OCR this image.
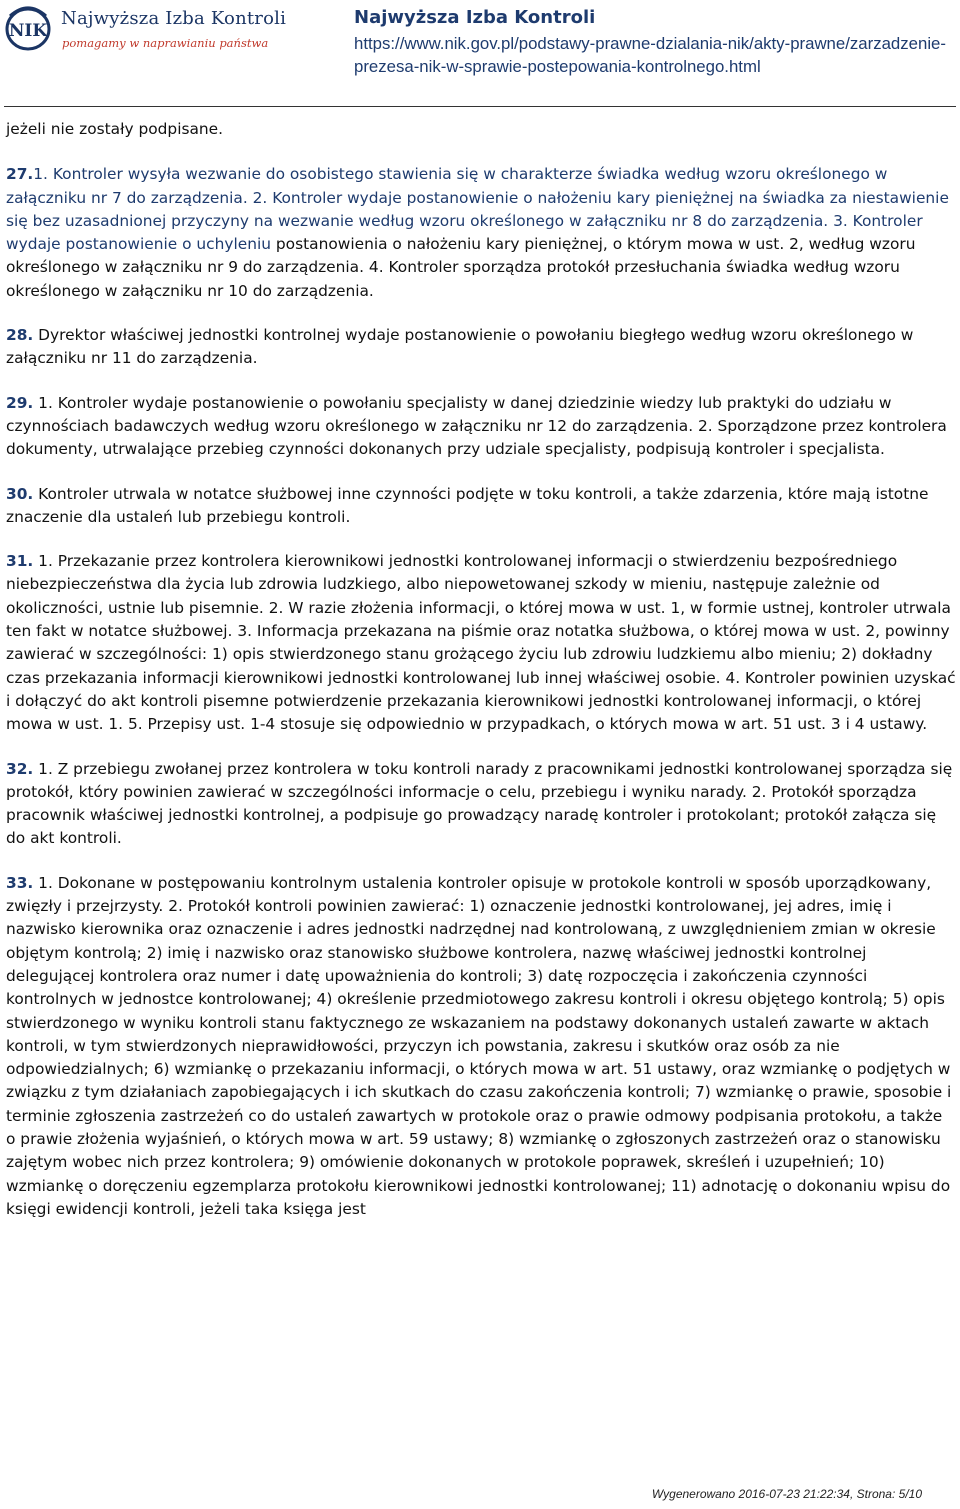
NIK
Najwyższa Izba Kontroli
pomagamy w naprawianiu państwa
Najwyższa Izba Kontroli
https://www.nik.gov.pl/podstawy-prawne-dzialania-nik/akty-prawne/zarzadzenie-prezesa-nik-w-sprawie-postepowania-kontrolnego.html

jeżeli nie zostały podpisane.

27.1. Kontroler wysyła wezwanie do osobistego stawienia się w charakterze świadka według wzoru określonego w załączniku nr 7 do zarządzenia. 2. Kontroler wydaje postanowienie o nałożeniu kary pieniężnej na świadka za niestawienie się bez uzasadnionej przyczyny na wezwanie według wzoru określonego w załączniku nr 8 do zarządzenia. 3. Kontroler wydaje postanowienie o uchyleniu postanowienia o nałożeniu kary pieniężnej, o którym mowa w ust. 2, według wzoru określonego w załączniku nr 9 do zarządzenia. 4. Kontroler sporządza protokół przesłuchania świadka według wzoru określonego w załączniku nr 10 do zarządzenia.

28. Dyrektor właściwej jednostki kontrolnej wydaje postanowienie o powołaniu biegłego według wzoru określonego w załączniku nr 11 do zarządzenia.

29. 1. Kontroler wydaje postanowienie o powołaniu specjalisty w danej dziedzinie wiedzy lub praktyki do udziału w czynnościach badawczych według wzoru określonego w załączniku nr 12 do zarządzenia. 2. Sporządzone przez kontrolera dokumenty, utrwalające przebieg czynności dokonanych przy udziale specjalisty, podpisują kontroler i specjalista.

30. Kontroler utrwala w notatce służbowej inne czynności podjęte w toku kontroli, a także zdarzenia, które mają istotne znaczenie dla ustaleń lub przebiegu kontroli.

31. 1. Przekazanie przez kontrolera kierownikowi jednostki kontrolowanej informacji o stwierdzeniu bezpośredniego niebezpieczeństwa dla życia lub zdrowia ludzkiego, albo niepowetowanej szkody w mieniu, następuje zależnie od okoliczności, ustnie lub pisemnie. 2. W razie złożenia informacji, o której mowa w ust. 1, w formie ustnej, kontroler utrwala ten fakt w notatce służbowej. 3. Informacja przekazana na piśmie oraz notatka służbowa, o której mowa w ust. 2, powinny zawierać w szczególności: 1) opis stwierdzonego stanu grożącego życiu lub zdrowiu ludzkiemu albo mieniu; 2) dokładny czas przekazania informacji kierownikowi jednostki kontrolowanej lub innej właściwej osobie. 4. Kontroler powinien uzyskać i dołączyć do akt kontroli pisemne potwierdzenie przekazania kierownikowi jednostki kontrolowanej informacji, o której mowa w ust. 1. 5. Przepisy ust. 1-4 stosuje się odpowiednio w przypadkach, o których mowa w art. 51 ust. 3 i 4 ustawy.

32. 1. Z przebiegu zwołanej przez kontrolera w toku kontroli narady z pracownikami jednostki kontrolowanej sporządza się protokół, który powinien zawierać w szczególności informacje o celu, przebiegu i wyniku narady. 2. Protokół sporządza pracownik właściwej jednostki kontrolnej, a podpisuje go prowadzący naradę kontroler i protokolant; protokół załącza się do akt kontroli.

33. 1. Dokonane w postępowaniu kontrolnym ustalenia kontroler opisuje w protokole kontroli w sposób uporządkowany, zwięzły i przejrzysty. 2. Protokół kontroli powinien zawierać: 1) oznaczenie jednostki kontrolowanej, jej adres, imię i nazwisko kierownika oraz oznaczenie i adres jednostki nadrzędnej nad kontrolowaną, z uwzględnieniem zmian w okresie objętym kontrolą; 2) imię i nazwisko oraz stanowisko służbowe kontrolera, nazwę właściwej jednostki kontrolnej delegującej kontrolera oraz numer i datę upoważnienia do kontroli; 3) datę rozpoczęcia i zakończenia czynności kontrolnych w jednostce kontrolowanej; 4) określenie przedmiotowego zakresu kontroli i okresu objętego kontrolą; 5) opis stwierdzonego w wyniku kontroli stanu faktycznego ze wskazaniem na podstawy dokonanych ustaleń zawarte w aktach kontroli, w tym stwierdzonych nieprawidłowości, przyczyn ich powstania, zakresu i skutków oraz osób za nie odpowiedzialnych; 6) wzmiankę o przekazaniu informacji, o których mowa w art. 51 ustawy, oraz wzmiankę o podjętych w związku z tym działaniach zapobiegających i ich skutkach do czasu zakończenia kontroli; 7) wzmiankę o prawie, sposobie i terminie zgłoszenia zastrzeżeń co do ustaleń zawartych w protokole oraz o prawie odmowy podpisania protokołu, a także o prawie złożenia wyjaśnień, o których mowa w art. 59 ustawy; 8) wzmiankę o zgłoszonych zastrzeżeń oraz o stanowisku zajętym wobec nich przez kontrolera; 9) omówienie dokonanych w protokole poprawek, skreśleń i uzupełnień; 10) wzmiankę o doręczeniu egzemplarza protokołu kierownikowi jednostki kontrolowanej; 11) adnotację o dokonaniu wpisu do księgi ewidencji kontroli, jeżeli taka księga jest

Wygenerowano 2016-07-23 21:22:34, Strona: 5/10
